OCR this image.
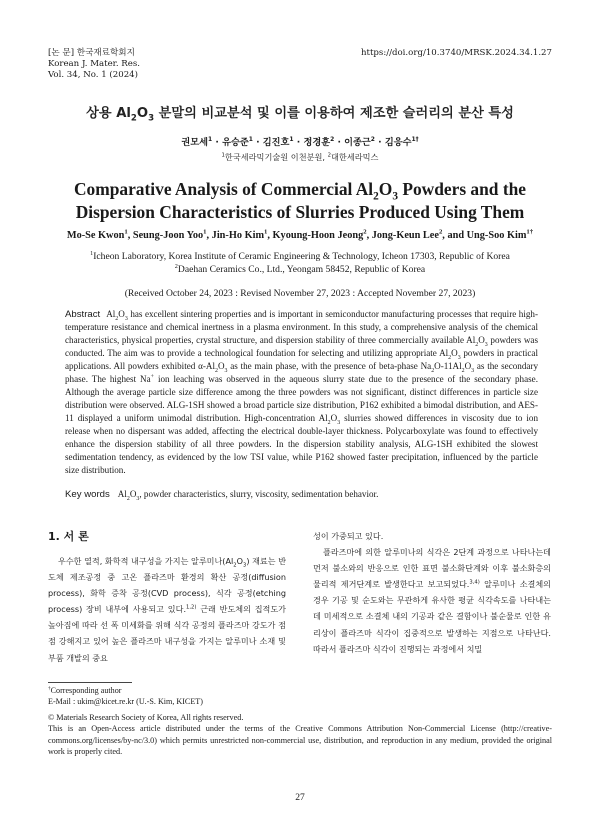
[논 문] 한국재료학회지
Korean J. Mater. Res.
Vol. 34, No. 1 (2024)
https://doi.org/10.3740/MRSK.2024.34.1.27
상용 $Al_2O_3$ 분말의 비교분석 및 이를 이용하여 제조한 슬러리의 분산 특성
권모세$^1$ · 유승준$^1$ · 김진호$^1$ · 정경훈$^2$ · 이종근$^2$ · 김응수$^{1\dagger}$
$^1$한국세라믹기술원 이천분원, $^2$대한세라믹스
Comparative Analysis of Commercial $Al_2O_3$ Powders and the
Dispersion Characteristics of Slurries Produced Using Them
Mo-Se Kwon$^1$, Seung-Joon Yoo$^1$, Jin-Ho Kim$^1$, Kyoung-Hoon Jeong$^2$, Jong-Keun Lee$^2$, and Ung-Soo Kim$^{1\dagger}$
$^1$Icheon Laboratory, Korea Institute of Ceramic Engineering & Technology, Icheon 17303, Republic of Korea
$^2$Daehan Ceramics Co., Ltd., Yeongam 58452, Republic of Korea
(Received October 24, 2023 : Revised November 27, 2023 : Accepted November 27, 2023)
Abstract $Al_2O_3$ has excellent sintering properties and is important in semiconductor manufacturing processes that require high-temperature resistance and chemical inertness in a plasma environment. In this study, a comprehensive analysis of the chemical characteristics, physical properties, crystal structure, and dispersion stability of three commercially available $Al_2O_3$ powders was conducted. The aim was to provide a technological foundation for selecting and utilizing appropriate $Al_2O_3$ powders in practical applications. All powders exhibited $\alpha-Al_2O_3$ as the main phase, with the presence of beta-phase $Na_2O-11Al_2O_3$ as the secondary phase. The highest Na+ ion leaching was observed in the aqueous slurry state due to the presence of the secondary phase. Although the average particle size difference among the three powders was not significant, distinct differences in particle size distribution were observed. ALG-1SH showed a broad particle size distribution, P162 exhibited a bimodal distribution, and AES-11 displayed a uniform unimodal distribution. High-concentration $Al_2O_3$ slurries showed differences in viscosity due to ion release when no dispersant was added, affecting the electrical double-layer thickness. Polycarboxylate was found to effectively enhance the dispersion stability of all three powders. In the dispersion stability analysis, ALG-1SH exhibited the slowest sedimentation tendency, as evidenced by the low TSI value, while P162 showed faster precipitation, influenced by the particle size distribution.
Key words $Al_2O_3$, powder characteristics, slurry, viscosity, sedimentation behavior.
1. 서 론

우수한 열적, 화학적 내구성을 가지는 알루미나$(Al_2O_3)$ 재료는 반도체 제조공정 중 고온 플라즈마 환경의 확산 공정(diffusion process), 화학 증착 공정(CVD process), 식각 공정(etching process) 장비 내부에 사용되고 있다.$^{1,2)}$ 근래 반도체의 집적도가 높아짐에 따라 선 폭 미세화를 위해 식각 공정의 플라즈마 강도가 점점 강해지고 있어 높은 플라즈마 내구성을 가지는 알루미나 소재 및 부품 개발의 중요

성이 가중되고 있다.

플라즈마에 의한 알루미나의 식각은 2단계 과정으로 나타나는데 먼저 불소와의 반응으로 인한 표면 불소화단계와 이후 불소화층의 물리적 제거단계로 발생한다고 보고되었다.$^{3,4)}$ 알루미나 소결체의 경우 기공 및 순도와는 무관하게 유사한 평균 식각속도를 나타내는데 미세적으로 소결체 내의 기공과 같은 결함이나 불순물로 인한 유리상이 플라즈마 식각이 집중적으로 발생하는 지점으로 나타난다. 따라서 플라즈마 식각이 진행되는 과정에서 치밀

†Corresponding author
E-Mail : ukim@kicet.re.kr (U.-S. Kim, KICET)
© Materials Research Society of Korea, All rights reserved.
This is an Open-Access article distributed under the terms of the Creative Commons Attribution Non-Commercial License (http://creative-commons.org/licenses/by-nc/3.0) which permits unrestricted non-commercial use, distribution, and reproduction in any medium, provided the original work is properly cited.
27
